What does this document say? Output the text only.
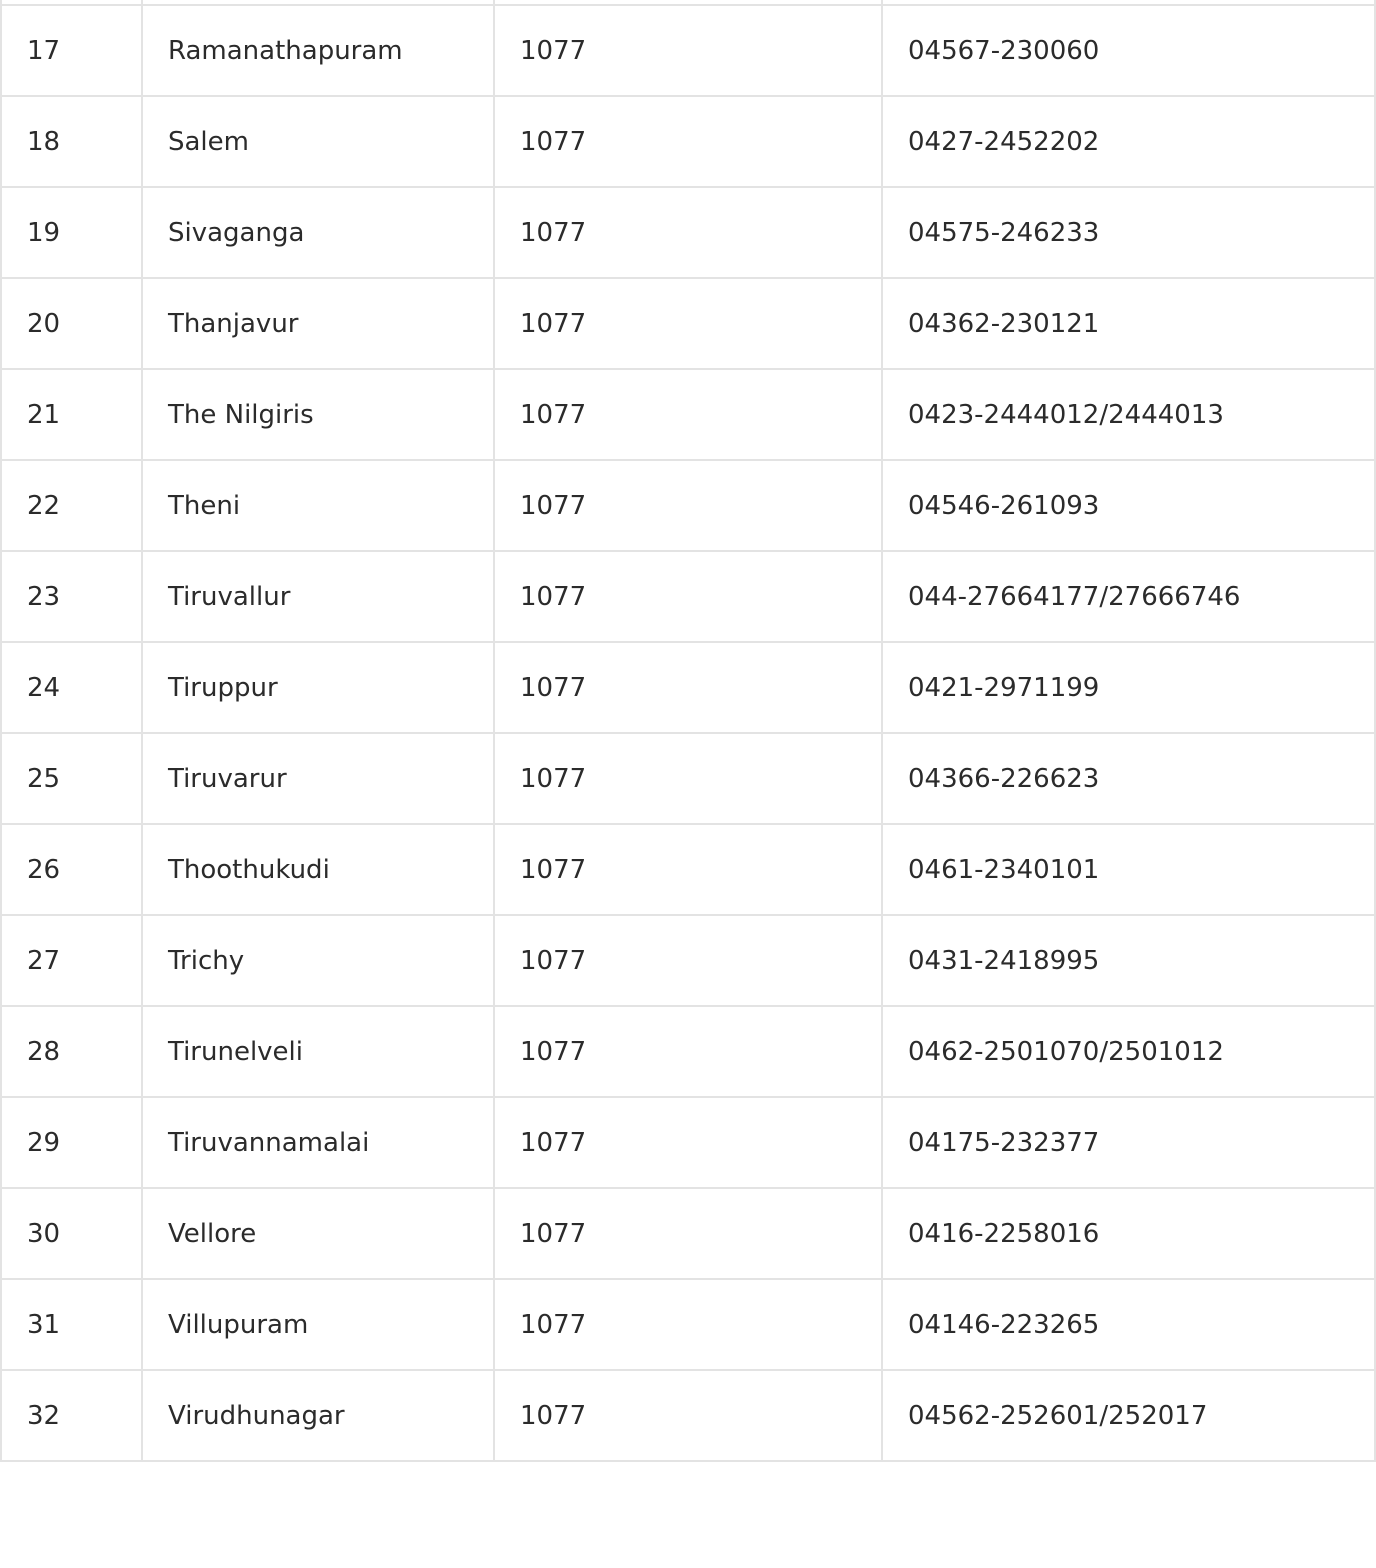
17	Ramanathapuram	1077	04567-230060
18	Salem	1077	0427-2452202
19	Sivaganga	1077	04575-246233
20	Thanjavur	1077	04362-230121
21	The Nilgiris	1077	0423-2444012/2444013
22	Theni	1077	04546-261093
23	Tiruvallur	1077	044-27664177/27666746
24	Tiruppur	1077	0421-2971199
25	Tiruvarur	1077	04366-226623
26	Thoothukudi	1077	0461-2340101
27	Trichy	1077	0431-2418995
28	Tirunelveli	1077	0462-2501070/2501012
29	Tiruvannamalai	1077	04175-232377
30	Vellore	1077	0416-2258016
31	Villupuram	1077	04146-223265
32	Virudhunagar	1077	04562-252601/252017
